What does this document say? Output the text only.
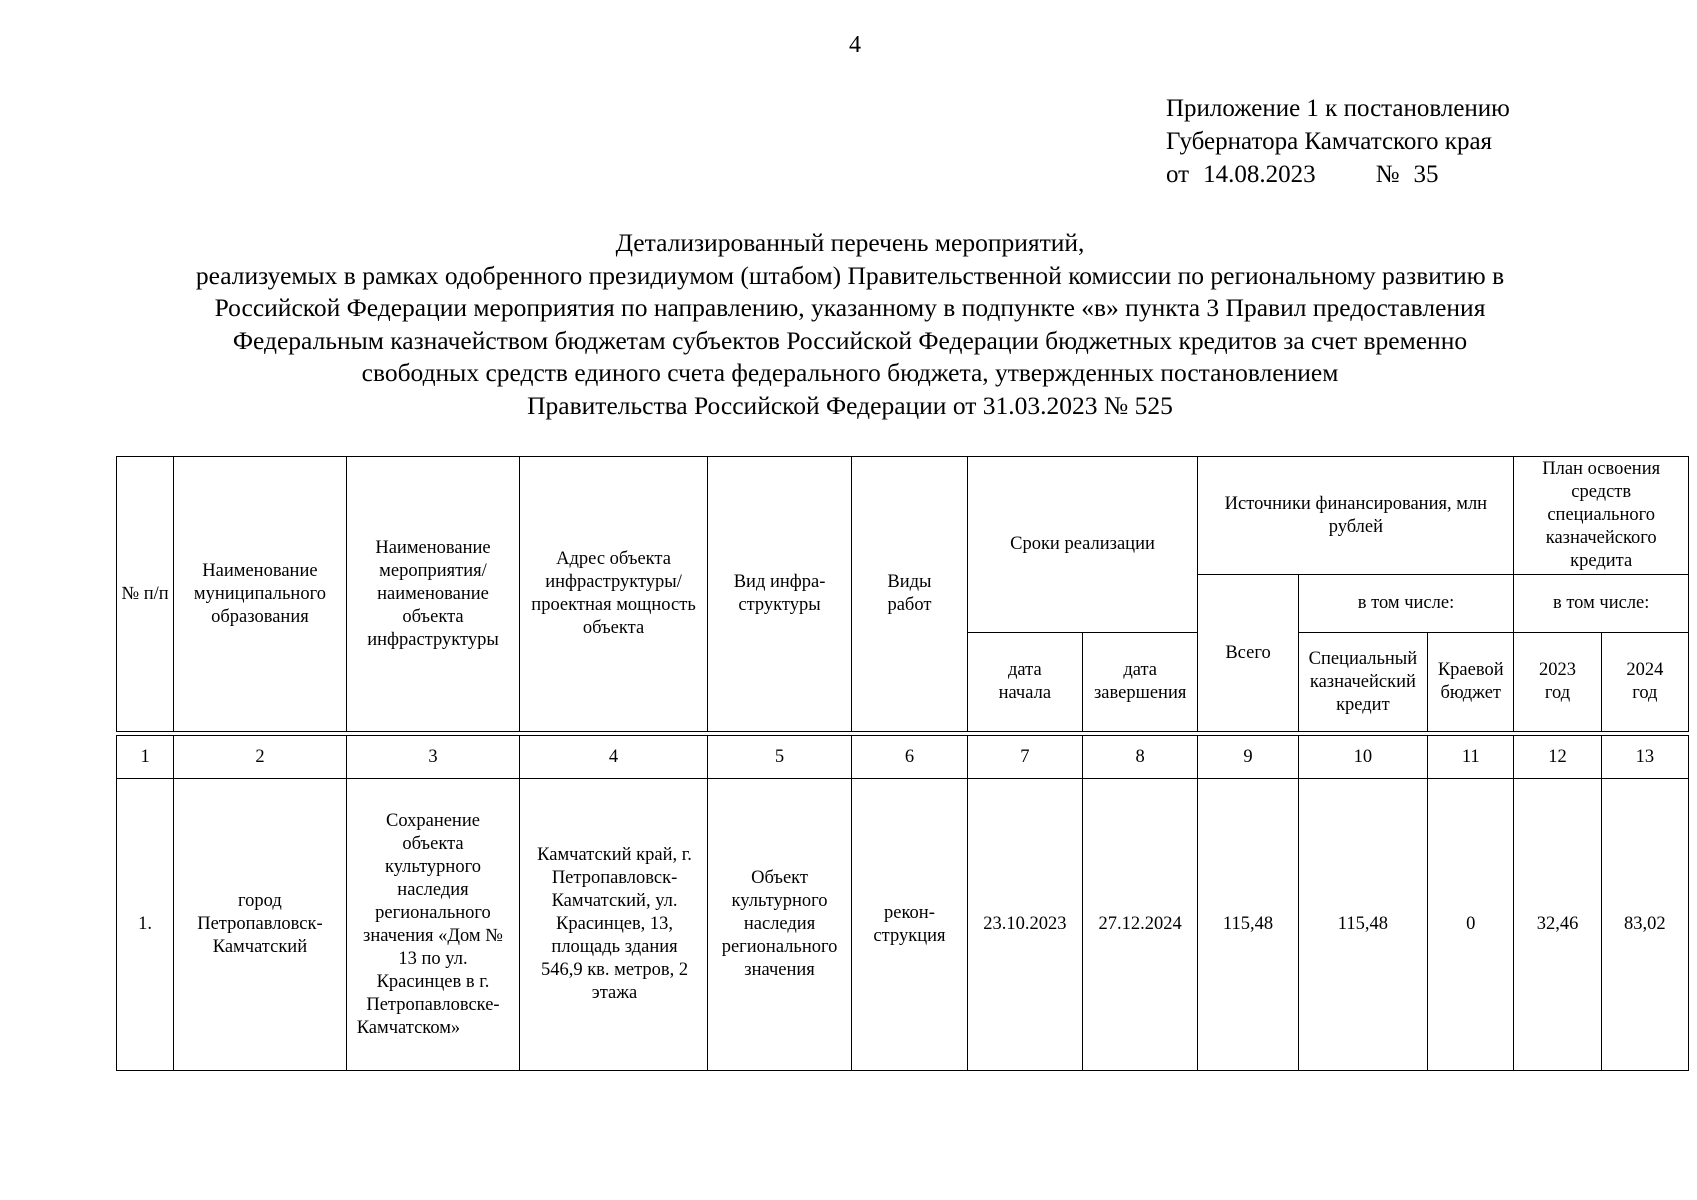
4
Приложение 1 к постановлению
Губернатора Камчатского края
от 14.08.2023 № 35
Детализированный перечень мероприятий,
реализуемых в рамках одобренного президиумом (штабом) Правительственной комиссии по региональному развитию в
Российской Федерации мероприятия по направлению, указанному в подпункте «в» пункта 3 Правил предоставления
Федеральным казначейством бюджетам субъектов Российской Федерации бюджетных кредитов за счет временно
свободных средств единого счета федерального бюджета, утвержденных постановлением
Правительства Российской Федерации от 31.03.2023 № 525
№ п/п	Наименование муниципального образования	Наименование мероприятия/ наименование объекта инфраструктуры	Адрес объекта инфраструктуры/ проектная мощность объекта	Вид инфра-структуры	Виды работ	Сроки реализации		Источники финансирования, млн рублей			План освоения средств специального казначейского кредита	
								Всего	в том числе:		в том числе:	
						дата начала	дата завершения		Специальный казначейский кредит	Краевой бюджет	2023 год	2024 год

1	2	3	4	5	6	7	8	9	10	11	12	13
1.	город Петропавловск-Камчатский	Сохранение объекта культурного наследия регионального значения «Дом № 13 по ул. Красинцев в г. Петропавловске-Камчатском»	Камчатский край, г. Петропавловск-Камчатский, ул. Красинцев, 13, площадь здания 546,9 кв. метров, 2 этажа	Объект культурного наследия регионального значения	рекон-струкция	23.10.2023	27.12.2024	115,48	115,48	0	32,46	83,02
